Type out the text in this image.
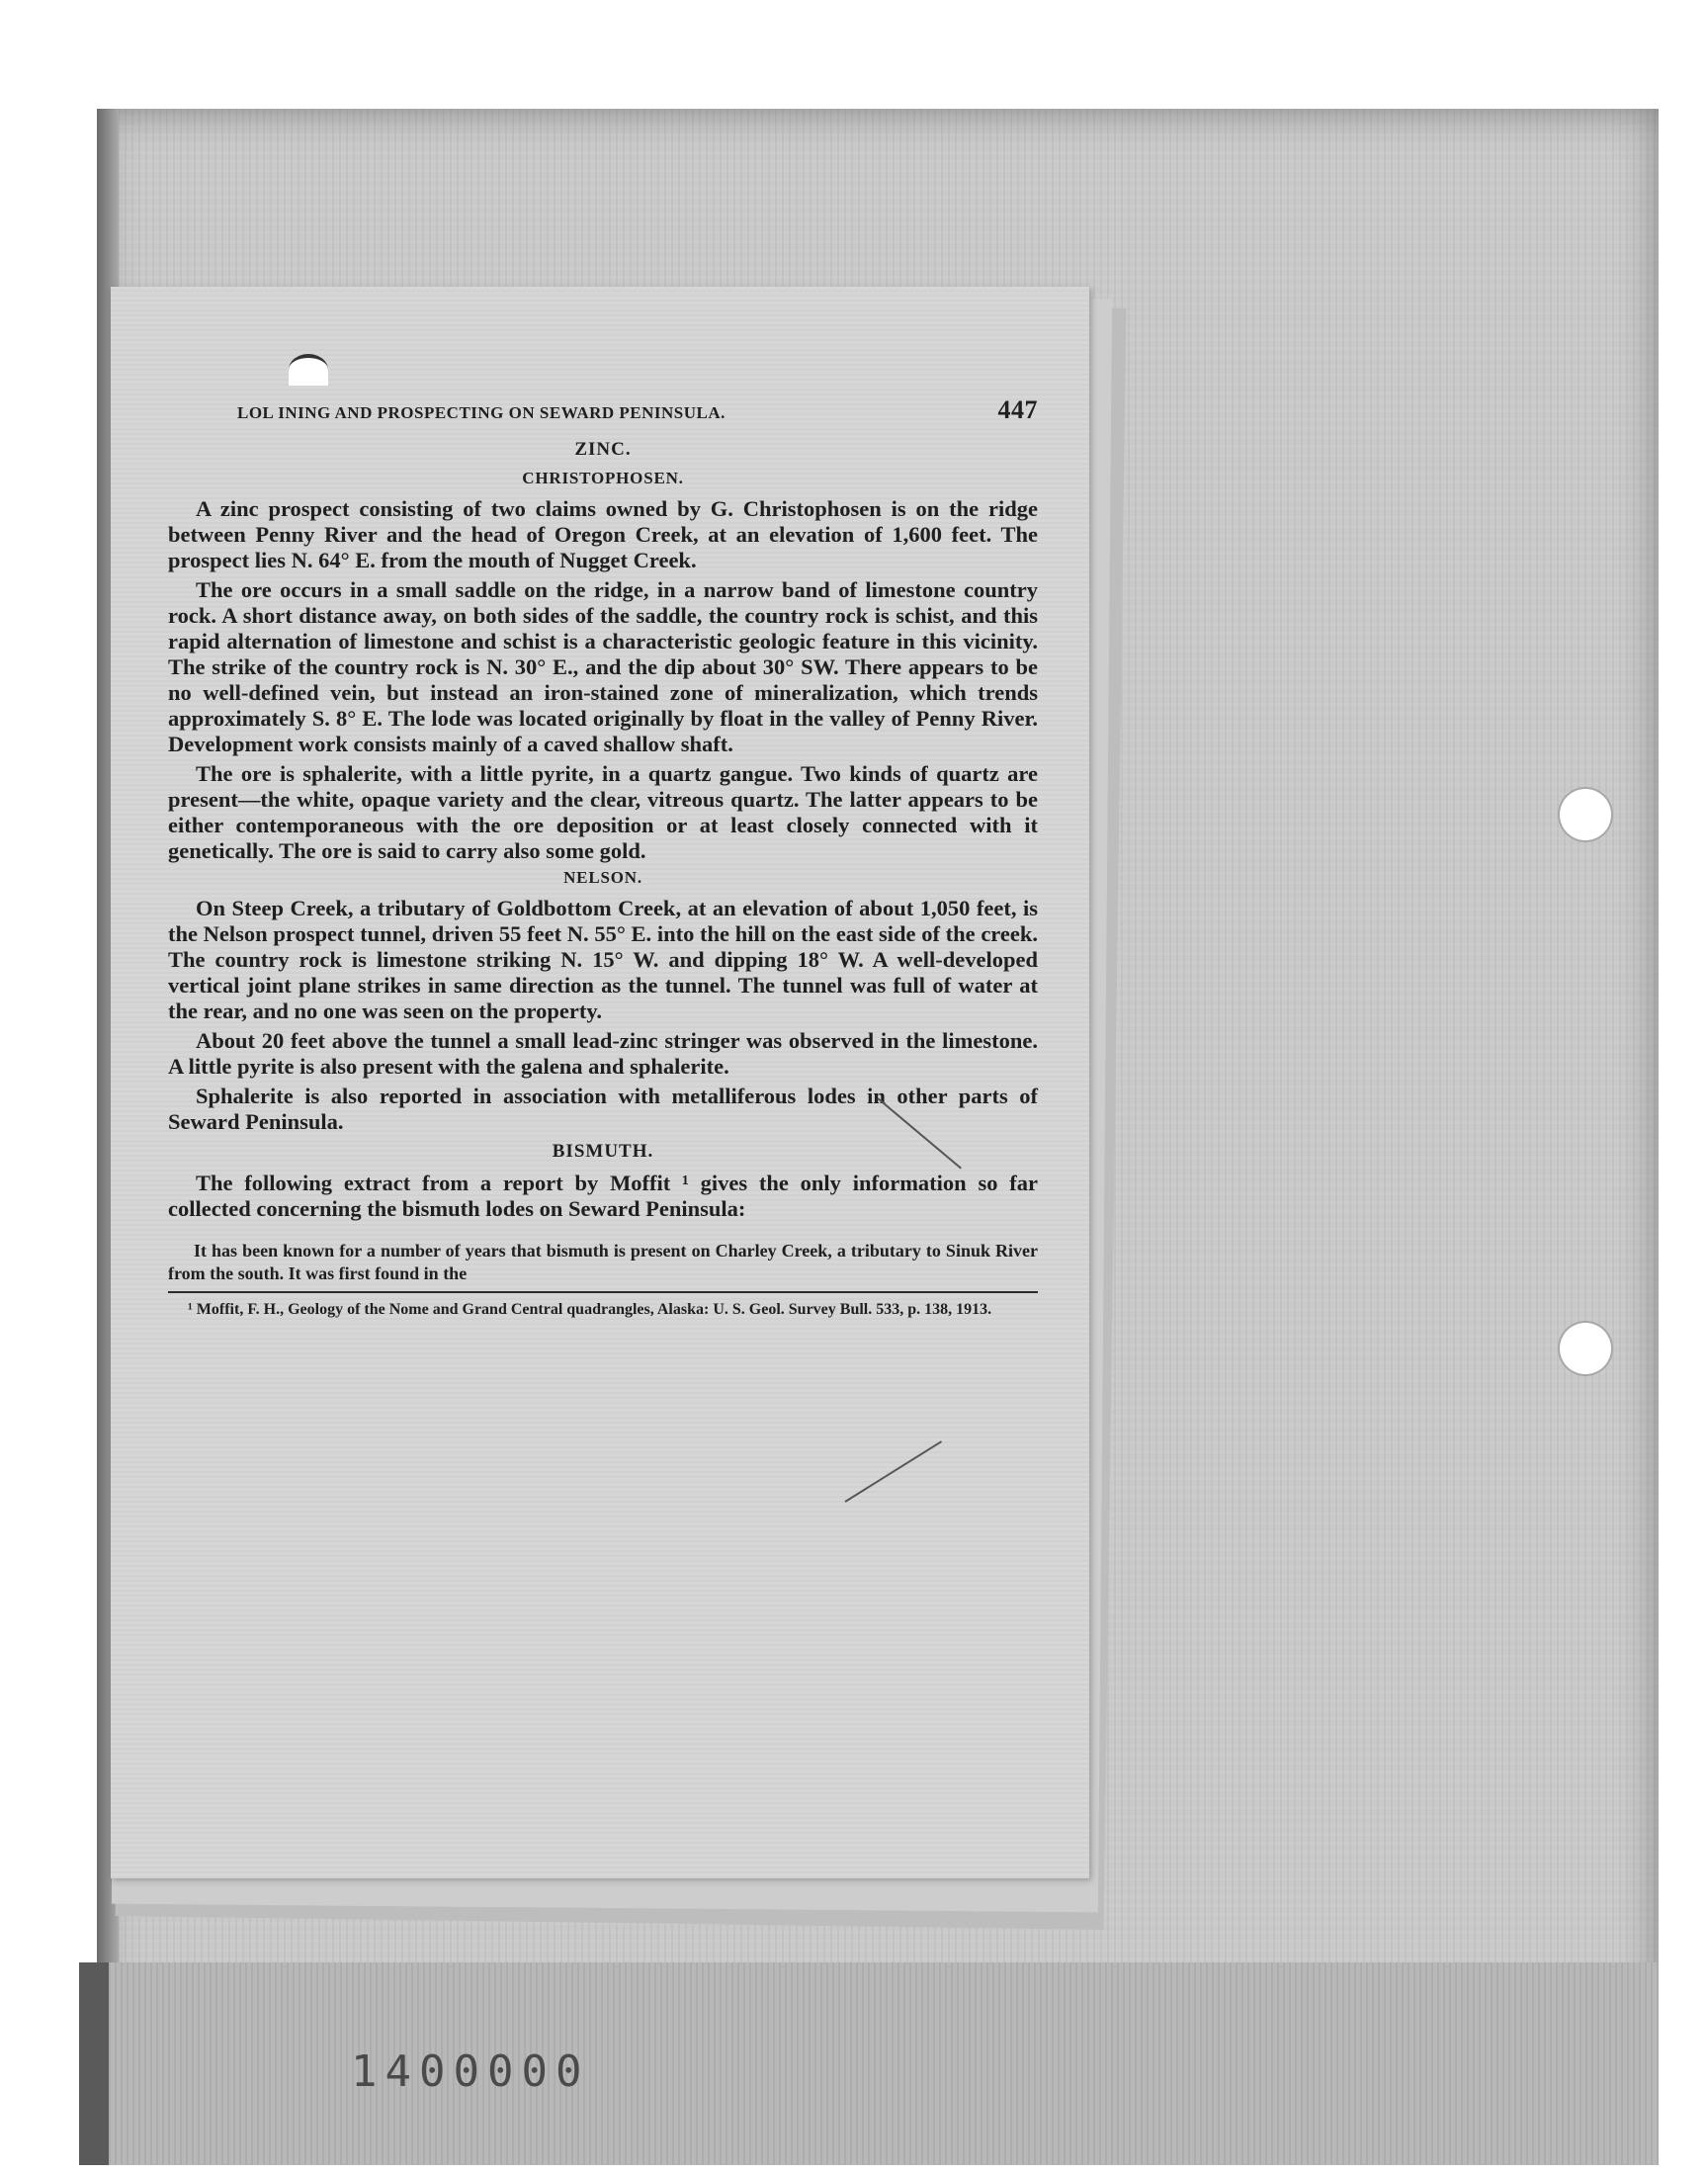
LOL INING AND PROSPECTING ON SEWARD PENINSULA.	447
ZINC.
CHRISTOPHOSEN.

A zinc prospect consisting of two claims owned by G. Christophosen is on the ridge between Penny River and the head of Oregon Creek, at an elevation of 1,600 feet. The prospect lies N. 64° E. from the mouth of Nugget Creek.

The ore occurs in a small saddle on the ridge, in a narrow band of limestone country rock. A short distance away, on both sides of the saddle, the country rock is schist, and this rapid alternation of limestone and schist is a characteristic geologic feature in this vicinity. The strike of the country rock is N. 30° E., and the dip about 30° SW. There appears to be no well-defined vein, but instead an iron-stained zone of mineralization, which trends approximately S. 8° E. The lode was located originally by float in the valley of Penny River. Development work consists mainly of a caved shallow shaft.

The ore is sphalerite, with a little pyrite, in a quartz gangue. Two kinds of quartz are present—the white, opaque variety and the clear, vitreous quartz. The latter appears to be either contemporaneous with the ore deposition or at least closely connected with it genetically. The ore is said to carry also some gold.

NELSON.

On Steep Creek, a tributary of Goldbottom Creek, at an elevation of about 1,050 feet, is the Nelson prospect tunnel, driven 55 feet N. 55° E. into the hill on the east side of the creek. The country rock is limestone striking N. 15° W. and dipping 18° W. A well-developed vertical joint plane strikes in same direction as the tunnel. The tunnel was full of water at the rear, and no one was seen on the property.

About 20 feet above the tunnel a small lead-zinc stringer was observed in the limestone. A little pyrite is also present with the galena and sphalerite.

Sphalerite is also reported in association with metalliferous lodes in other parts of Seward Peninsula.

BISMUTH.

The following extract from a report by Moffit ¹ gives the only information so far collected concerning the bismuth lodes on Seward Peninsula:

It has been known for a number of years that bismuth is present on Charley Creek, a tributary to Sinuk River from the south. It was first found in the

¹ Moffit, F. H., Geology of the Nome and Grand Central quadrangles, Alaska: U. S. Geol. Survey Bull. 533, p. 138, 1913.
1400000
